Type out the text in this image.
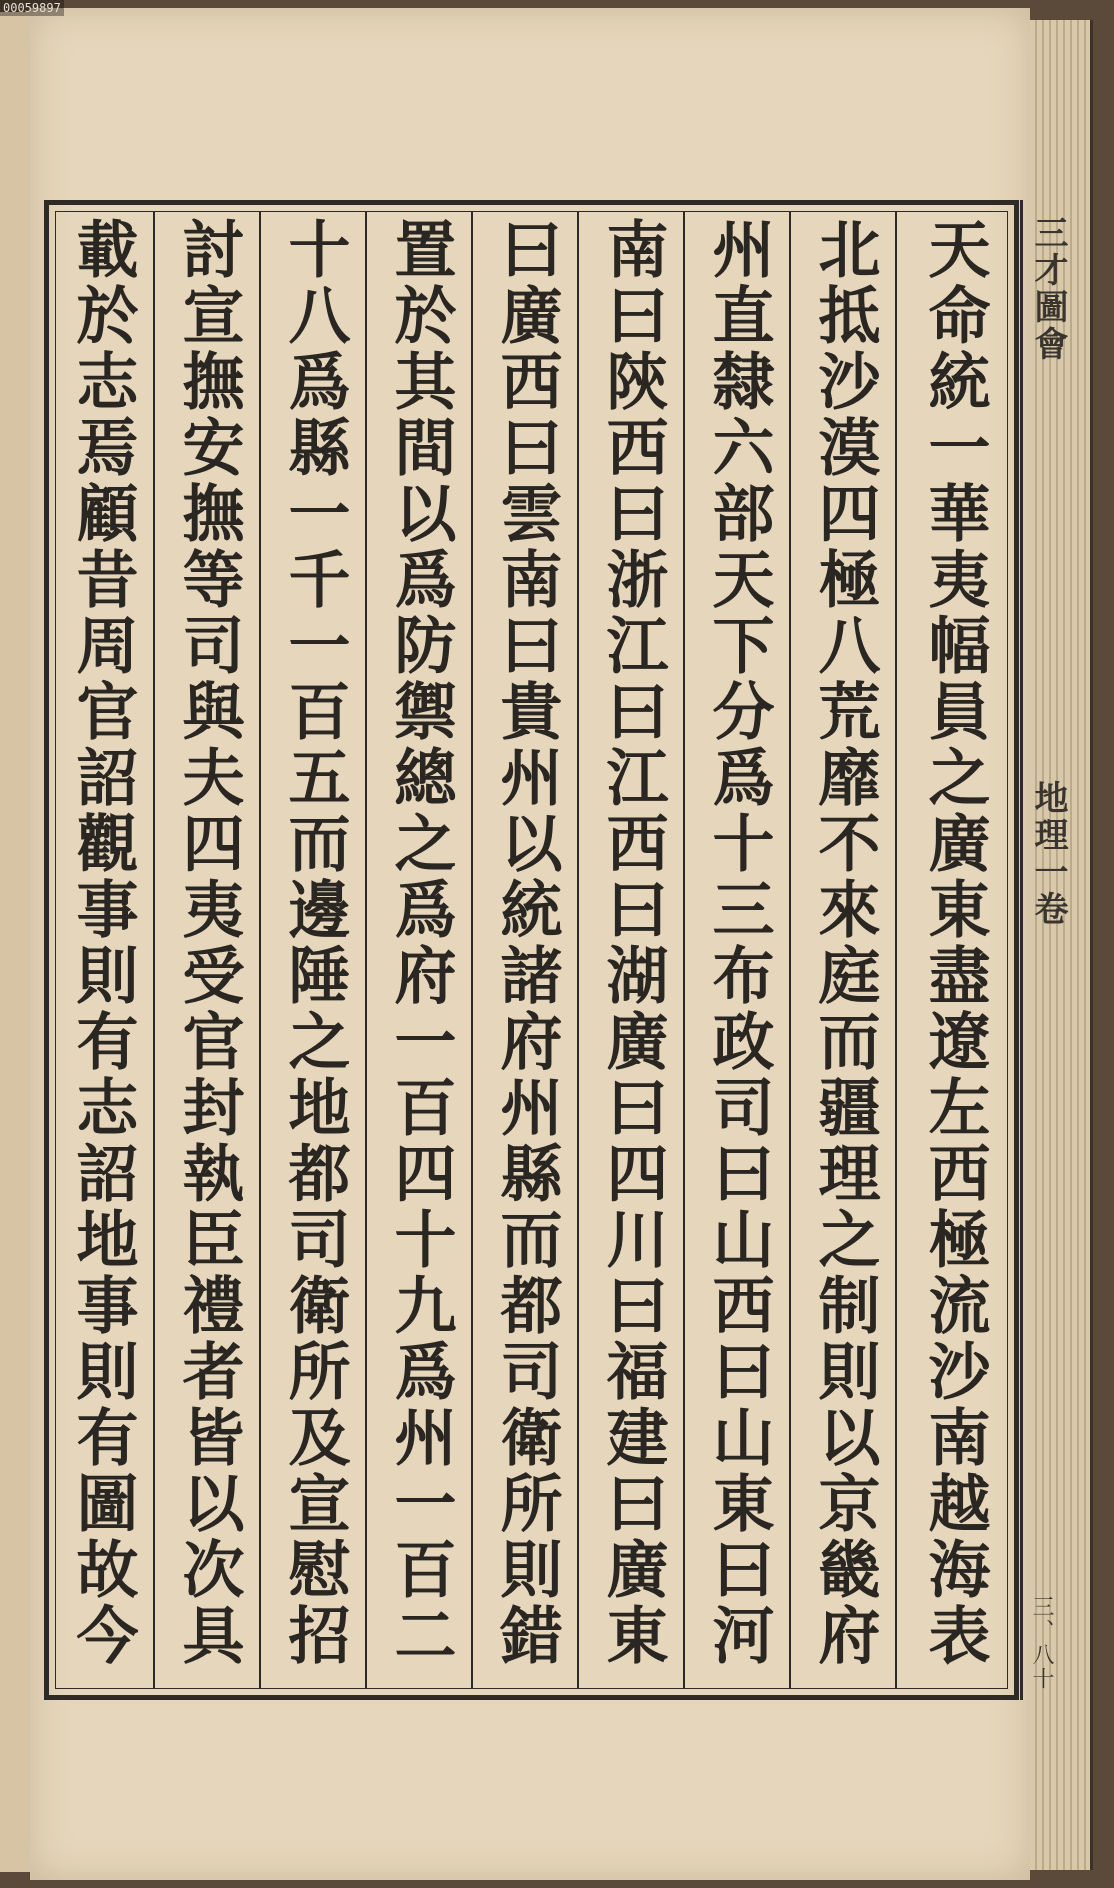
00059897
天命統一華夷幅員之廣東盡遼左西極流沙南越海表
北抵沙漠四極八荒靡不來庭而疆理之制則以京畿府
州直隸六部天下分爲十三布政司曰山西曰山東曰河
南曰陝西曰浙江曰江西曰湖廣曰四川曰福建曰廣東
曰廣西曰雲南曰貴州以統諸府州縣而都司衛所則錯
置於其間以爲防禦總之爲府一百四十九爲州一百二
十八爲縣一千一百五而邊陲之地都司衛所及宣慰招
討宣撫安撫等司與夫四夷受官封執臣禮者皆以次具
載於志焉顧昔周官詔觀事則有志詔地事則有圖故今	三才圖會
地理一卷
三、八十
